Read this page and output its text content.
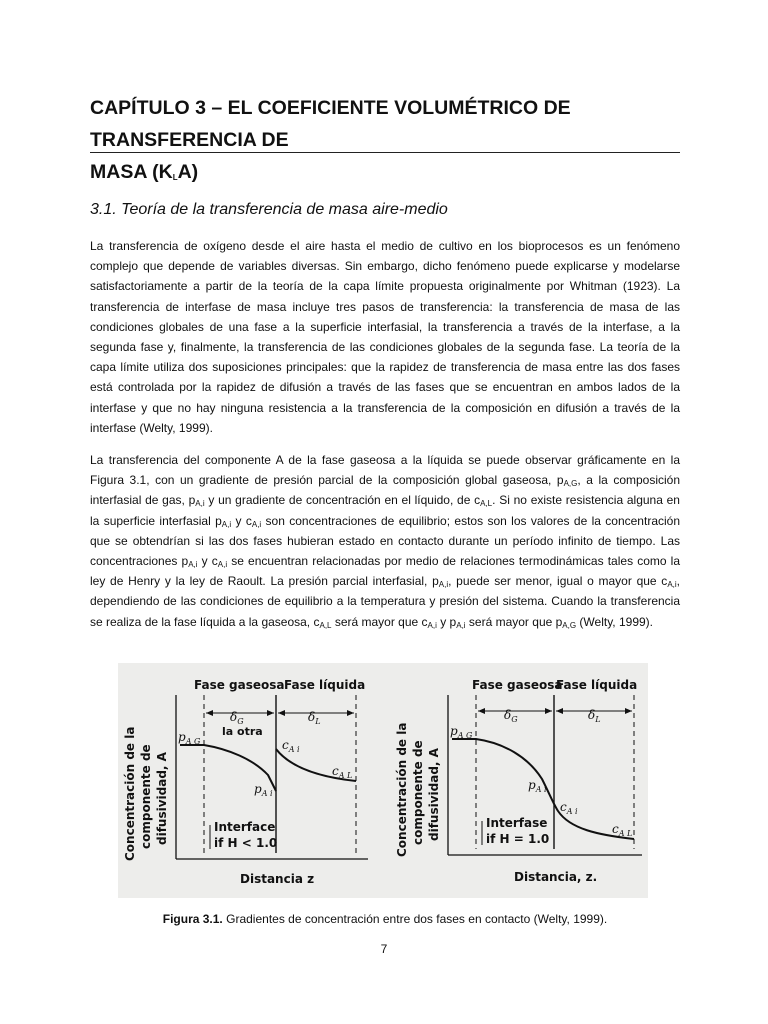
CAPÍTULO 3 – EL COEFICIENTE VOLUMÉTRICO DE TRANSFERENCIA DE
MASA $(K_LA)$
3.1. Teoría de la transferencia de masa aire-medio

La transferencia de oxígeno desde el aire hasta el medio de cultivo en los bioprocesos es un fenómeno complejo que depende de variables diversas. Sin embargo, dicho fenómeno puede explicarse y modelarse satisfactoriamente a partir de la teoría de la capa límite propuesta originalmente por Whitman (1923). La transferencia de interfase de masa incluye tres pasos de transferencia: la transferencia de masa de las condiciones globales de una fase a la superficie interfasial, la transferencia a través de la interfase, a la segunda fase y, finalmente, la transferencia de las condiciones globales de la segunda fase. La teoría de la capa límite utiliza dos suposiciones principales: que la rapidez de transferencia de masa entre las dos fases está controlada por la rapidez de difusión a través de las fases que se encuentran en ambos lados de la interfase y que no hay ninguna resistencia a la transferencia de la composición en difusión a través de la interfase (Welty, 1999).

La transferencia del componente A de la fase gaseosa a la líquida se puede observar gráficamente en la Figura 3.1, con un gradiente de presión parcial de la composición global gaseosa, $p_{A,G}$, a la composición interfasial de gas, $p_{A,i}$ y un gradiente de concentración en el líquido, de $c_{A,L}$. Si no existe resistencia alguna en la superficie interfasial $p_{A,i}$ y $c_{A,i}$ son concentraciones de equilibrio; estos son los valores de la concentración que se obtendrían si las dos fases hubieran estado en contacto durante un período infinito de tiempo. Las concentraciones $p_{A,i}$ y $c_{A,i}$ se encuentran relacionadas por medio de relaciones termodinámicas tales como la ley de Henry y la ley de Raoult. La presión parcial interfasial, $p_{A,i}$, puede ser menor, igual o mayor que $c_{A,i}$, dependiendo de las condiciones de equilibrio a la temperatura y presión del sistema. Cuando la transferencia se realiza de la fase líquida a la gaseosa, $c_{A,L}$ será mayor que $c_{A,i}$ y $p_{A,i}$ será mayor que $p_{A,G}$ (Welty, 1999).

Concentración de la componente de difusividad, A
Fase gaseosa Fase líquida
$\delta_G$	$\delta_L$
la otra
$p_{A G}$	$c_{A i}$
$c_{A L}$
$p_{A i}$
Interface
if H < 1.0
Distancia z
Concentración de la componente de difusividad, A
Fase gaseosa
Fase líquida
$\delta_G$	$\delta_L$
$p_{A G}$
$p_{A i}$
$c_{A i}$
$c_{A L}$
Interfase
if H = 1.0
Distancia, z.

Figura 3.1. Gradientes de concentración entre dos fases en contacto (Welty, 1999).

7
